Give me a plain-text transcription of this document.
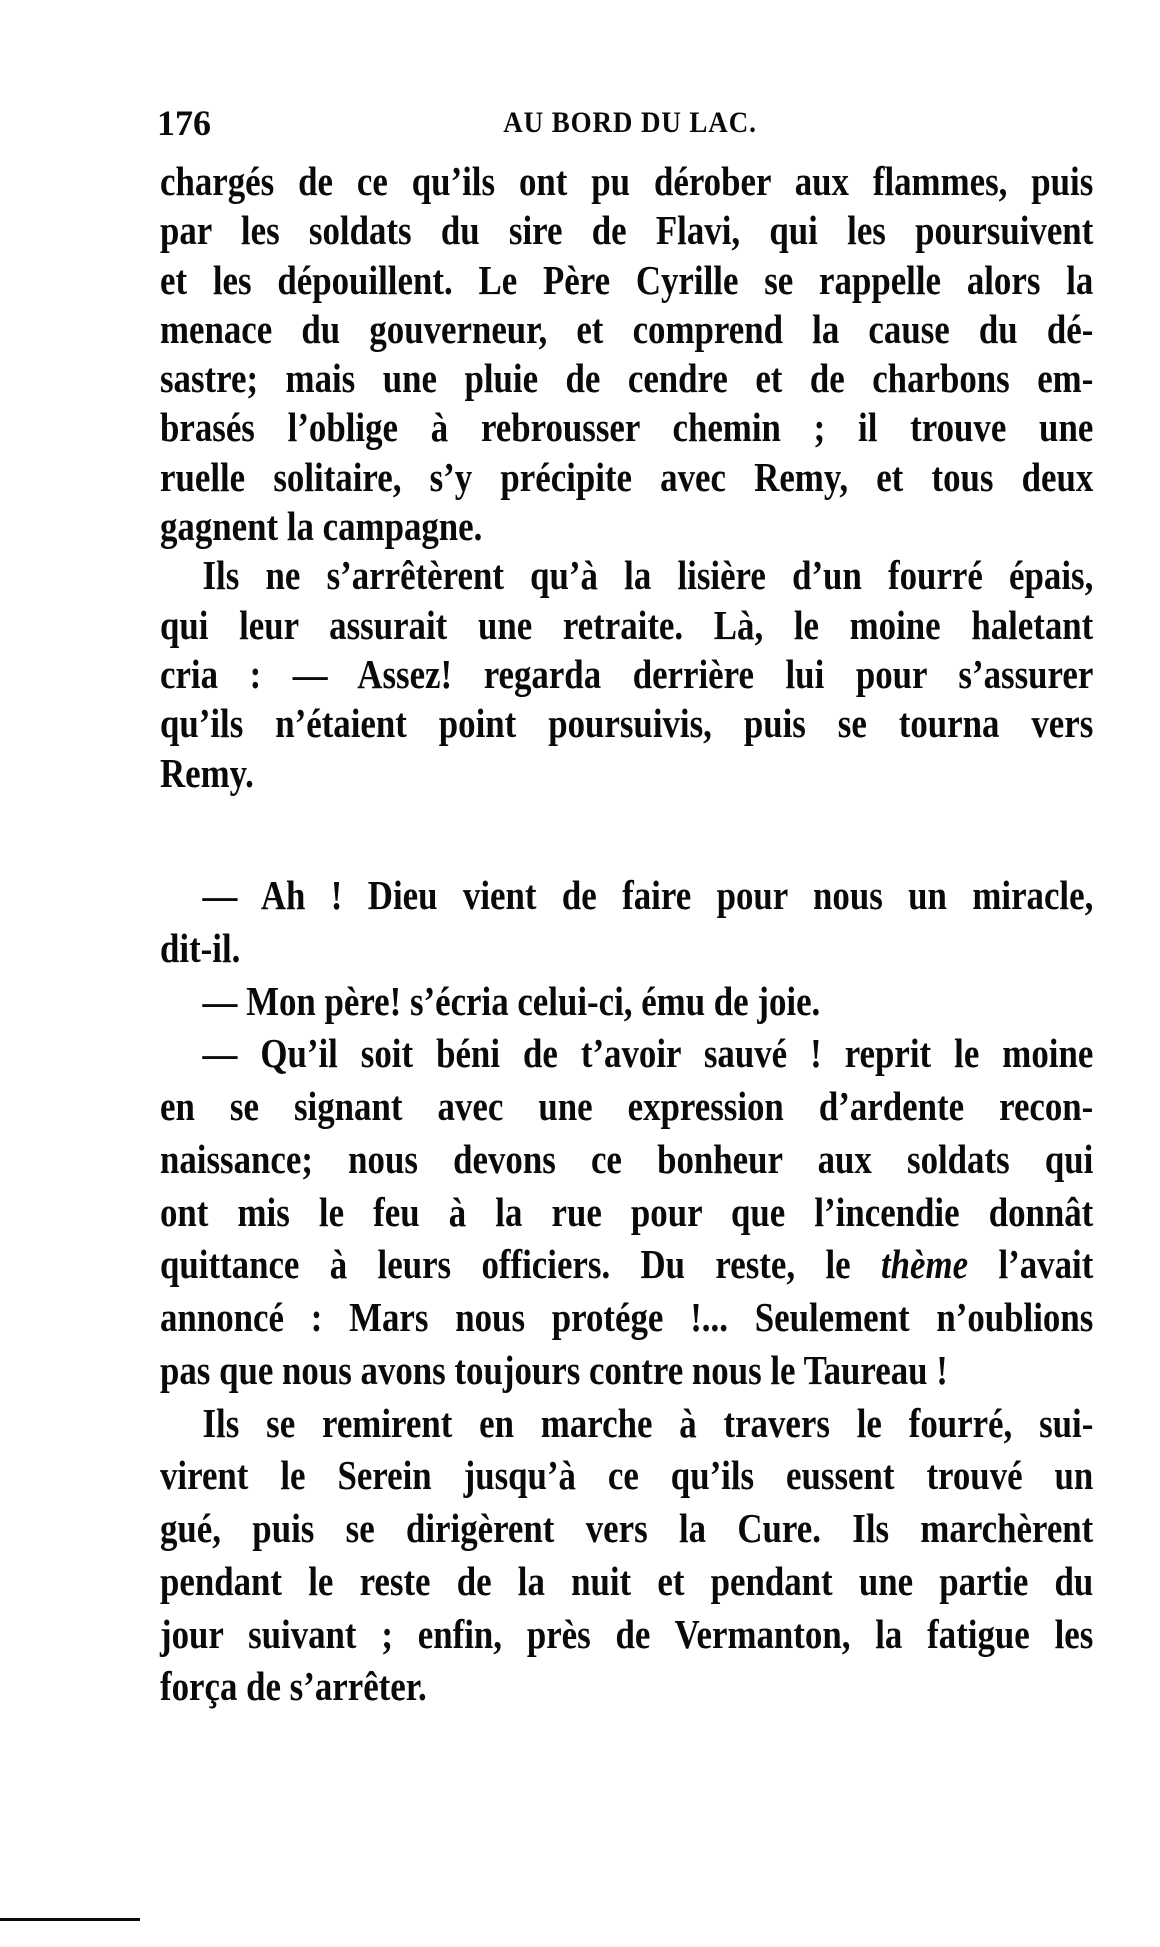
176	AU BORD DU LAC.
chargés de ce qu’ils ont pu dérober aux flammes, puis
par les soldats du sire de Flavi, qui les poursuivent
et les dépouillent. Le Père Cyrille se rappelle alors la
menace du gouverneur, et comprend la cause du dé-
sastre; mais une pluie de cendre et de charbons em-
brasés l’oblige à rebrousser chemin ; il trouve une
ruelle solitaire, s’y précipite avec Remy, et tous deux
gagnent la campagne.
Ils ne s’arrêtèrent qu’à la lisière d’un fourré épais,
qui leur assurait une retraite. Là, le moine haletant
cria : — Assez! regarda derrière lui pour s’assurer
qu’ils n’étaient point poursuivis, puis se tourna vers
Remy.
— Ah ! Dieu vient de faire pour nous un miracle,
dit-il.
— Mon père! s’écria celui-ci, ému de joie.
— Qu’il soit béni de t’avoir sauvé ! reprit le moine
en se signant avec une expression d’ardente recon-
naissance; nous devons ce bonheur aux soldats qui
ont mis le feu à la rue pour que l’incendie donnât
quittance à leurs officiers. Du reste, le thème l’avait
annoncé : Mars nous protége !... Seulement n’oublions
pas que nous avons toujours contre nous le Taureau !
Ils se remirent en marche à travers le fourré, sui-
virent le Serein jusqu’à ce qu’ils eussent trouvé un
gué, puis se dirigèrent vers la Cure. Ils marchèrent
pendant le reste de la nuit et pendant une partie du
jour suivant ; enfin, près de Vermanton, la fatigue les
força de s’arrêter.
